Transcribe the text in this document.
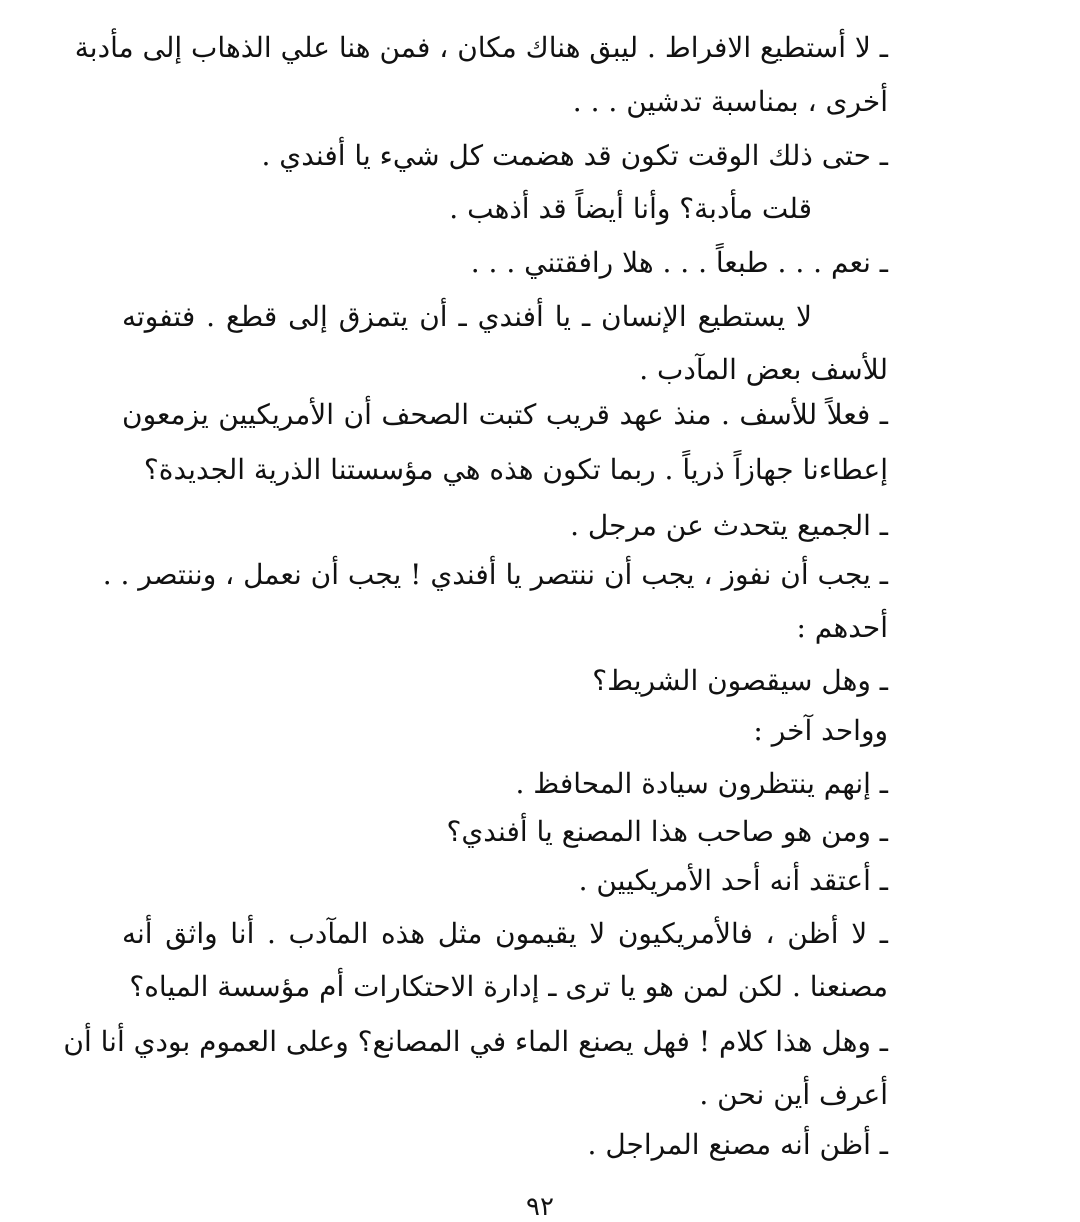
ـ لا أستطيع الافراط . ليبق هناك مكان ، فمن هنا علي الذهاب إلى مأدبة
أخرى ، بمناسبة تدشين . . .
ـ حتى ذلك الوقت تكون قد هضمت كل شيء يا أفندي .
قلت مأدبة؟ وأنا أيضاً قد أذهب .
ـ نعم . . . طبعاً . . . هلا رافقتني . . .
لا يستطيع الإنسان ـ يا أفندي ـ أن يتمزق إلى قطع . فتفوته
للأسف بعض المآدب .
ـ فعلاً للأسف . منذ عهد قريب كتبت الصحف أن الأمريكيين يزمعون
إعطاءنا جهازاً ذرياً . ربما تكون هذه هي مؤسستنا الذرية الجديدة؟
ـ الجميع يتحدث عن مرجل .
ـ يجب أن نفوز ، يجب أن ننتصر يا أفندي ! يجب أن نعمل ، وننتصر . .
أحدهم :
ـ وهل سيقصون الشريط؟
وواحد آخر :
ـ إنهم ينتظرون سيادة المحافظ .
ـ ومن هو صاحب هذا المصنع يا أفندي؟
ـ أعتقد أنه أحد الأمريكيين .
ـ لا أظن ، فالأمريكيون لا يقيمون مثل هذه المآدب . أنا واثق أنه
مصنعنا . لكن لمن هو يا ترى ـ إدارة الاحتكارات أم مؤسسة المياه؟
ـ وهل هذا كلام ! فهل يصنع الماء في المصانع؟ وعلى العموم بودي أنا أن
أعرف أين نحن .
ـ أظن أنه مصنع المراجل .
٩٢
